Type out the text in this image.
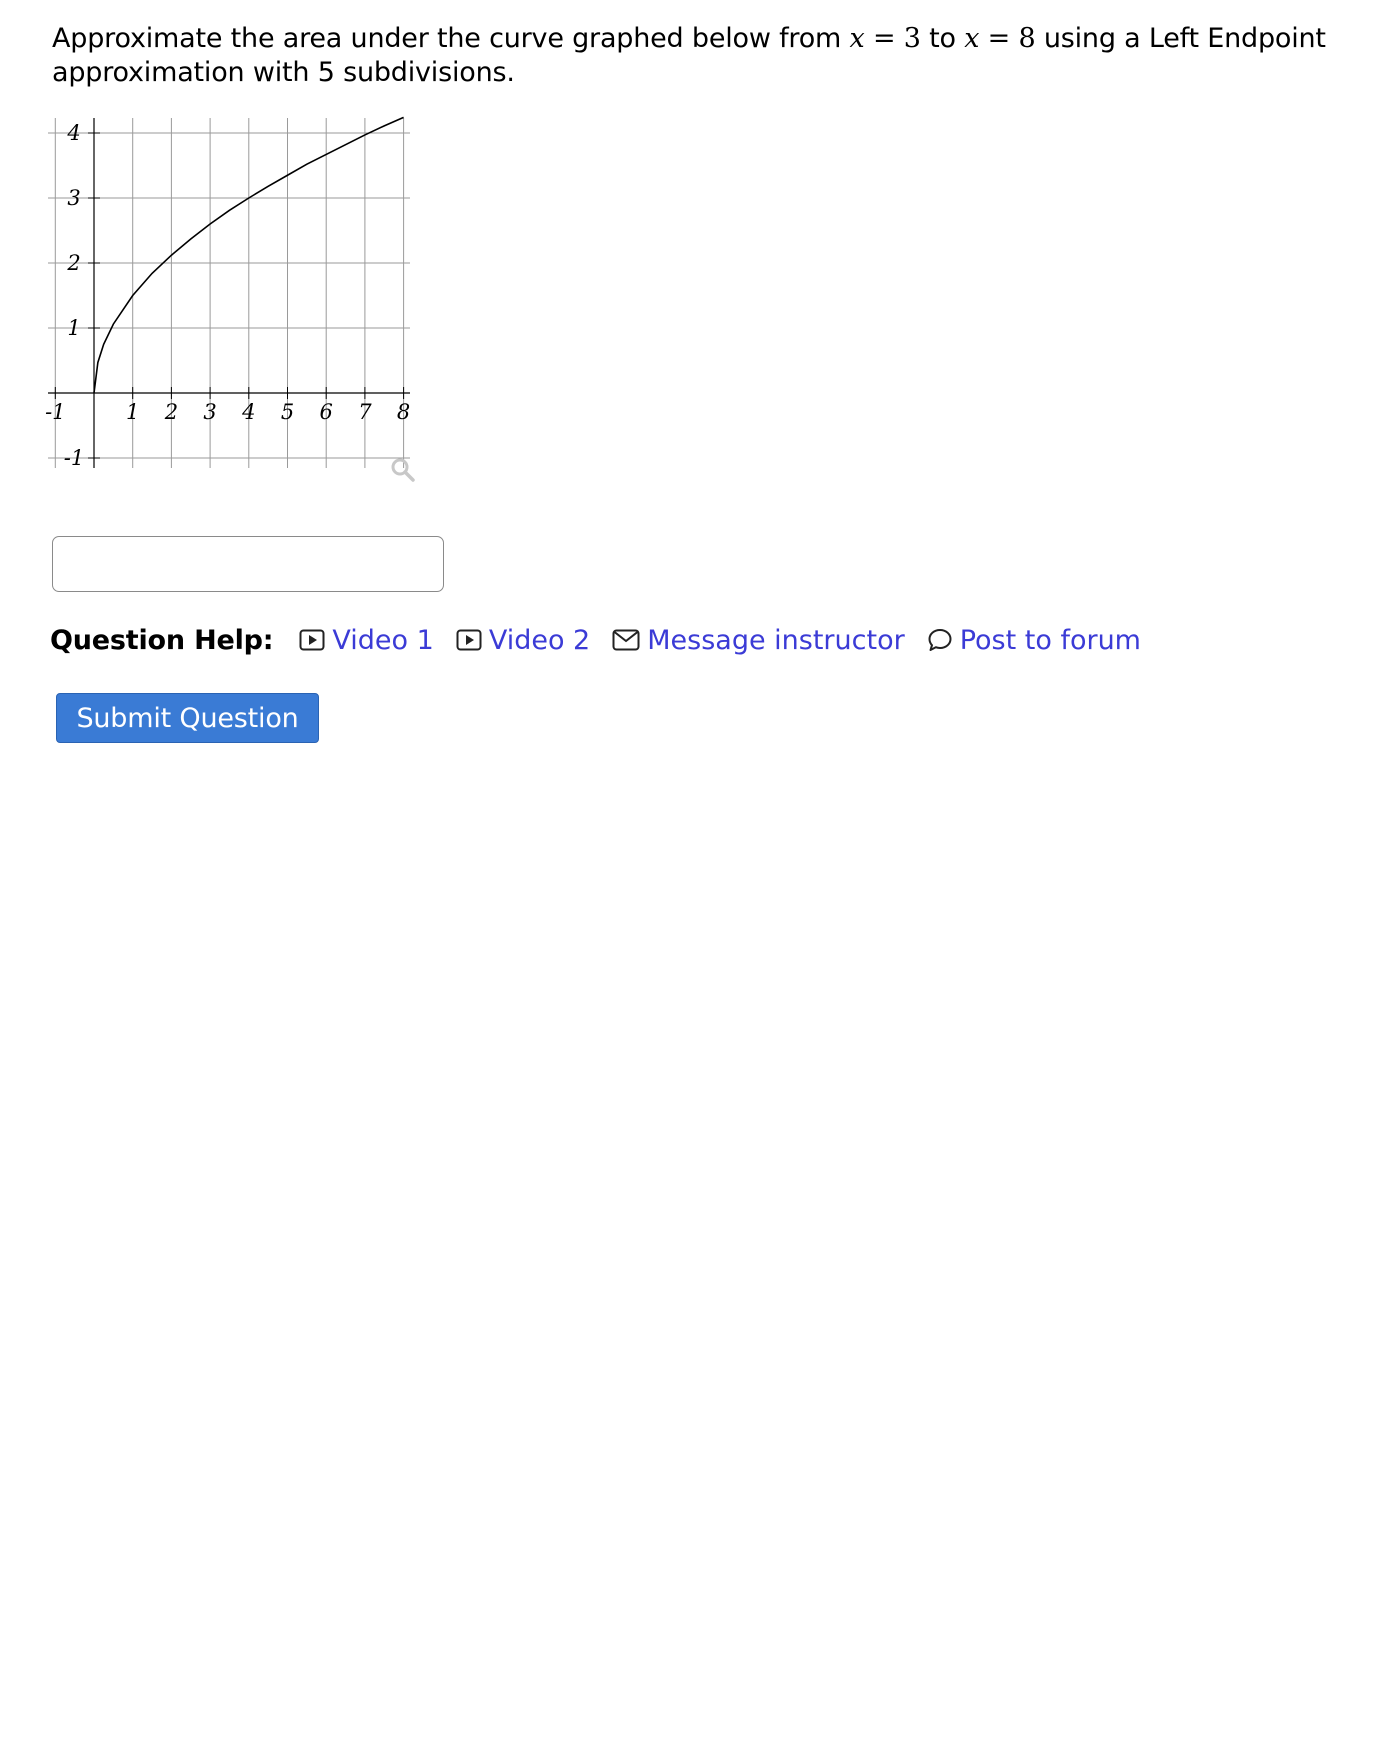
Approximate the area under the curve graphed below from x = 3 to x = 8 using a Left Endpoint approximation with 5 subdivisions.
-1	1 2 3 4 5 6 7 8
4
3
2
1
-1
Question Help: Video 1 Video 2 Message instructor Post to forum
Submit Question
